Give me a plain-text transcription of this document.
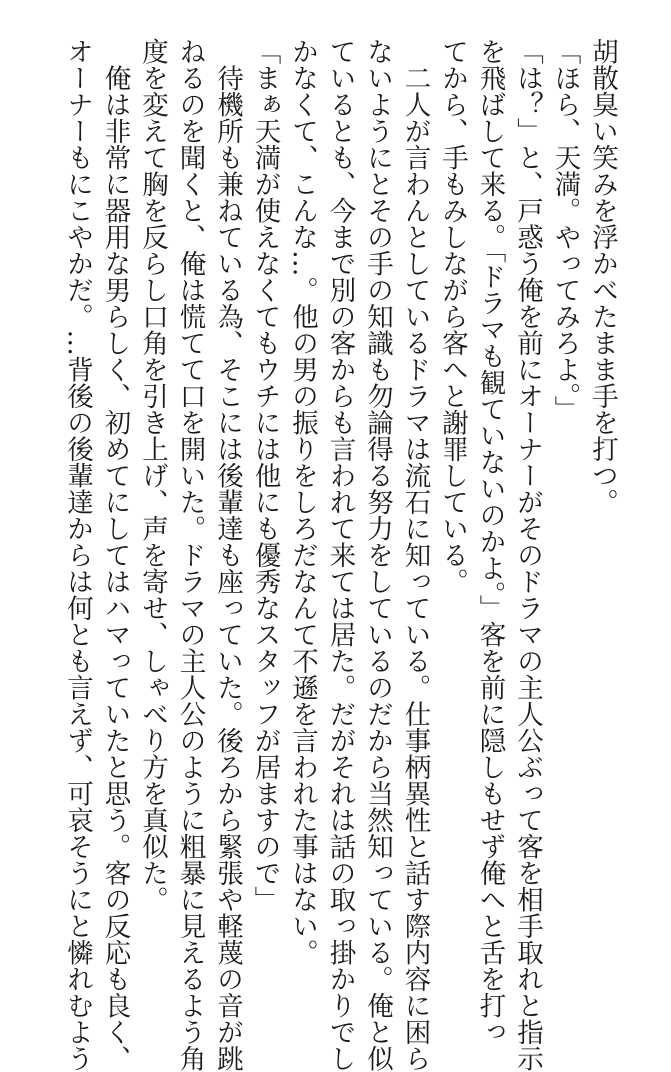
胡散臭い笑みを浮かべたまま手を打つ。

「ほら、天満。やってみろよ。」

「は？」と、戸惑う俺を前にオーナーがそのドラマの主人公ぶって客を相手取れと指示

を飛ばして来る。「ドラマも観ていないのかよ。」客を前に隠しもせず俺へと舌を打っ

てから、手もみしながら客へと謝罪している。

　二人が言わんとしているドラマは流石に知っている。仕事柄異性と話す際内容に困ら

ないようにとその手の知識も勿論得る努力をしているのだから当然知っている。俺と似

ているとも、今まで別の客からも言われて来ては居た。だがそれは話の取っ掛かりでし

かなくて、こんな…。他の男の振りをしろだなんて不遜を言われた事はない。

「まぁ天満が使えなくてもウチには他にも優秀なスタッフが居ますので」

　待機所も兼ねている為、そこには後輩達も座っていた。後ろから緊張や軽蔑の音が跳

ねるのを聞くと、俺は慌てて口を開いた。ドラマの主人公のように粗暴に見えるよう角

度を変えて胸を反らし口角を引き上げ、声を寄せ、しゃべり方を真似た。

　俺は非常に器用な男らしく、初めてにしてはハマっていたと思う。客の反応も良く、

オーナーもにこやかだ。…背後の後輩達からは何とも言えず、可哀そうにと憐れむよう
